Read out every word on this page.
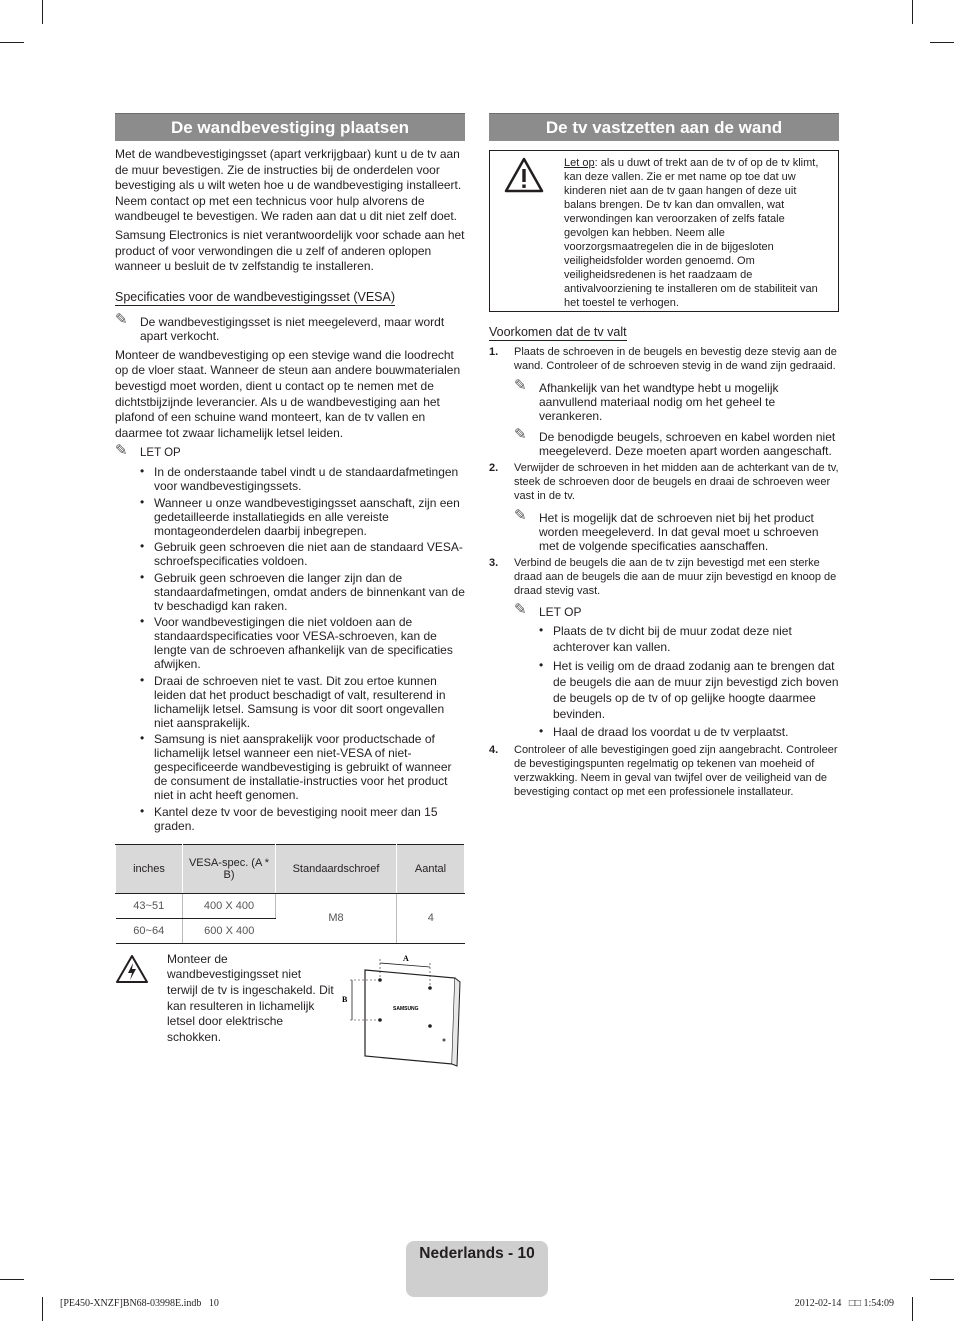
De wandbevestiging plaatsen

Met de wandbevestigingsset (apart verkrijgbaar) kunt u de tv aan de muur bevestigen. Zie de instructies bij de onderdelen voor bevestiging als u wilt weten hoe u de wandbevestiging installeert. Neem contact op met een technicus voor hulp alvorens de wandbeugel te bevestigen. We raden aan dat u dit niet zelf doet.

Samsung Electronics is niet verantwoordelijk voor schade aan het product of voor verwondingen die u zelf of anderen oplopen wanneer u besluit de tv zelfstandig te installeren.

Specificaties voor de wandbevestigingsset (VESA)
✎ De wandbevestigingsset is niet meegeleverd, maar wordt apart verkocht.

Monteer de wandbevestiging op een stevige wand die loodrecht op de vloer staat. Wanneer de steun aan andere bouwmaterialen bevestigd moet worden, dient u contact op te nemen met de dichtstbijzijnde leverancier. Als u de wandbevestiging aan het plafond of een schuine wand monteert, kan de tv vallen en daarmee tot zwaar lichamelijk letsel leiden.

✎ LET OP
• In de onderstaande tabel vindt u de standaardafmetingen voor wandbevestigingssets.
• Wanneer u onze wandbevestigingsset aanschaft, zijn een gedetailleerde installatiegids en alle vereiste montageonderdelen daarbij inbegrepen.
• Gebruik geen schroeven die niet aan de standaard VESA-schroefspecificaties voldoen.
• Gebruik geen schroeven die langer zijn dan de standaardafmetingen, omdat anders de binnenkant van de tv beschadigd kan raken.
• Voor wandbevestigingen die niet voldoen aan de standaardspecificaties voor VESA-schroeven, kan de lengte van de schroeven afhankelijk van de specificaties afwijken.
• Draai de schroeven niet te vast. Dit zou ertoe kunnen leiden dat het product beschadigt of valt, resulterend in lichamelijk letsel. Samsung is voor dit soort ongevallen niet aansprakelijk.
• Samsung is niet aansprakelijk voor productschade of lichamelijk letsel wanneer een niet-VESA of niet-gespecificeerde wandbevestiging is gebruikt of wanneer de consument de installatie-instructies voor het product niet in acht heeft genomen.
• Kantel deze tv voor de bevestiging nooit meer dan 15 graden.
inches	VESA-spec. (A * B)	Standaardschroef	Aantal
43~51	400 X 400	M8	4
60~64	600 X 400		

Monteer de wandbevestigingsset niet terwijl de tv is ingeschakeld. Dit kan resulteren in lichamelijk letsel door elektrische schokken.

A
B
SAMSUNG
De tv vastzetten aan de wand

Let op: als u duwt of trekt aan de tv of op de tv klimt, kan deze vallen. Zie er met name op toe dat uw kinderen niet aan de tv gaan hangen of deze uit balans brengen. De tv kan dan omvallen, wat verwondingen kan veroorzaken of zelfs fatale gevolgen kan hebben. Neem alle voorzorgsmaatregelen die in de bijgesloten veiligheidsfolder worden genoemd. Om veiligheidsredenen is het raadzaam de antivalvoorziening te installeren om de stabiliteit van het toestel te verhogen.

Voorkomen dat de tv valt
1. Plaats de schroeven in de beugels en bevestig deze stevig aan de wand. Controleer of de schroeven stevig in de wand zijn gedraaid.
✎ Afhankelijk van het wandtype hebt u mogelijk aanvullend materiaal nodig om het geheel te verankeren.
✎ De benodigde beugels, schroeven en kabel worden niet meegeleverd. Deze moeten apart worden aangeschaft.
2. Verwijder de schroeven in het midden aan de achterkant van de tv, steek de schroeven door de beugels en draai de schroeven weer vast in de tv.
✎ Het is mogelijk dat de schroeven niet bij het product worden meegeleverd. In dat geval moet u schroeven met de volgende specificaties aanschaffen.
3. Verbind de beugels die aan de tv zijn bevestigd met een sterke draad aan de beugels die aan de muur zijn bevestigd en knoop de draad stevig vast.
✎ LET OP
• Plaats de tv dicht bij de muur zodat deze niet achterover kan vallen.
• Het is veilig om de draad zodanig aan te brengen dat de beugels die aan de muur zijn bevestigd zich boven de beugels op de tv of op gelijke hoogte daarmee bevinden.
• Haal de draad los voordat u de tv verplaatst.
4. Controleer of alle bevestigingen goed zijn aangebracht. Controleer de bevestigingspunten regelmatig op tekenen van moeheid of verzwakking. Neem in geval van twijfel over de veiligheid van de bevestiging contact op met een professionele installateur.
Nederlands - 10
[PE450-XNZF]BN68-03998E.indb   10	2012-02-14   □□ 1:54:09
